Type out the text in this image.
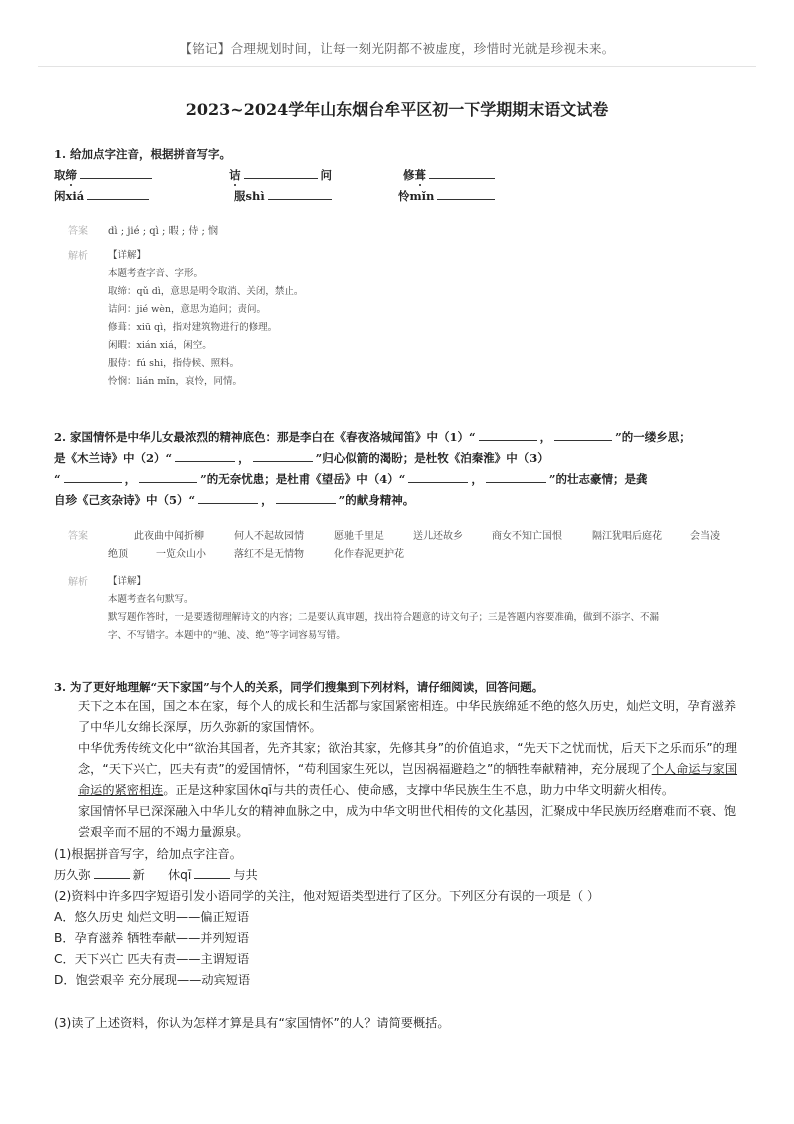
【铭记】合理规划时间，让每一刻光阴都不被虚度，珍惜时光就是珍视未来。
2023~2024学年山东烟台牟平区初一下学期期末语文试卷
1. 给加点字注音，根据拼音写字。
取缔	诘	问	修葺
闲xiá	服shì	怜mǐn
答案 dì ; jié ; qì ; 暇 ; 侍 ; 悯
解析 【详解】
本题考查字音、字形。
取缔：qǔ dì，意思是明令取消、关闭，禁止。
诘问：jié wèn，意思为追问；责问。
修葺：xiū qì，指对建筑物进行的修理。
闲暇：xián xiá，闲空。
服侍：fú shi，指侍候、照料。
怜悯：lián mǐn，哀怜，同情。
2. 家国情怀是中华儿女最浓烈的精神底色：那是李白在《春夜洛城闻笛》中（1）“	，	”的一缕乡思；
是《木兰诗》中（2）“	，	”归心似箭的渴盼；是杜牧《泊秦淮》中（3）
“	，	”的无奈忧患；是杜甫《望岳》中（4）“	，	”的壮志豪情；是龚
自珍《己亥杂诗》中（5）“	，	”的献身精神。
答案	此夜曲中闻折柳	何人不起故园情	愿驰千里足	送儿还故乡	商女不知亡国恨	隔江犹唱后庭花	会当凌
绝顶	一览众山小	落红不是无情物	化作春泥更护花
解析 【详解】
本题考查名句默写。
默写题作答时，一是要透彻理解诗文的内容；二是要认真审题，找出符合题意的诗文句子；三是答题内容要准确，做到不添字、不漏
字、不写错字。本题中的“驰、凌、绝”等字词容易写错。
3. 为了更好地理解“天下家国”与个人的关系，同学们搜集到下列材料，请仔细阅读，回答问题。
天下之本在国，国之本在家，每个人的成长和生活都与家国紧密相连。中华民族绵延不绝的悠久历史，灿烂文明，孕育滋养了中华儿女绵长深厚，历久弥新的家国情怀。
中华优秀传统文化中“欲治其国者，先齐其家；欲治其家，先修其身”的价值追求，“先天下之忧而忧，后天下之乐而乐”的理念，“天下兴亡，匹夫有责”的爱国情怀，“苟利国家生死以，岂因祸福避趋之”的牺牲奉献精神，充分展现了个人命运与家国命运的紧密相连。正是这种家国休qī与共的责任心、使命感，支撑中华民族生生不息，助力中华文明薪火相传。
家国情怀早已深深融入中华儿女的精神血脉之中，成为中华文明世代相传的文化基因，汇聚成中华民族历经磨难而不衰、饱尝艰辛而不屈的不竭力量源泉。
(1)根据拼音写字，给加点字注音。
历久弥	新 休qī	与共
(2)资料中许多四字短语引发小语同学的关注，他对短语类型进行了区分。下列区分有误的一项是（ ）
A．悠久历史 灿烂文明——偏正短语
B．孕育滋养 牺牲奉献——并列短语
C．天下兴亡 匹夫有责——主谓短语
D．饱尝艰辛 充分展现——动宾短语
(3)读了上述资料，你认为怎样才算是具有“家国情怀”的人？请简要概括。
